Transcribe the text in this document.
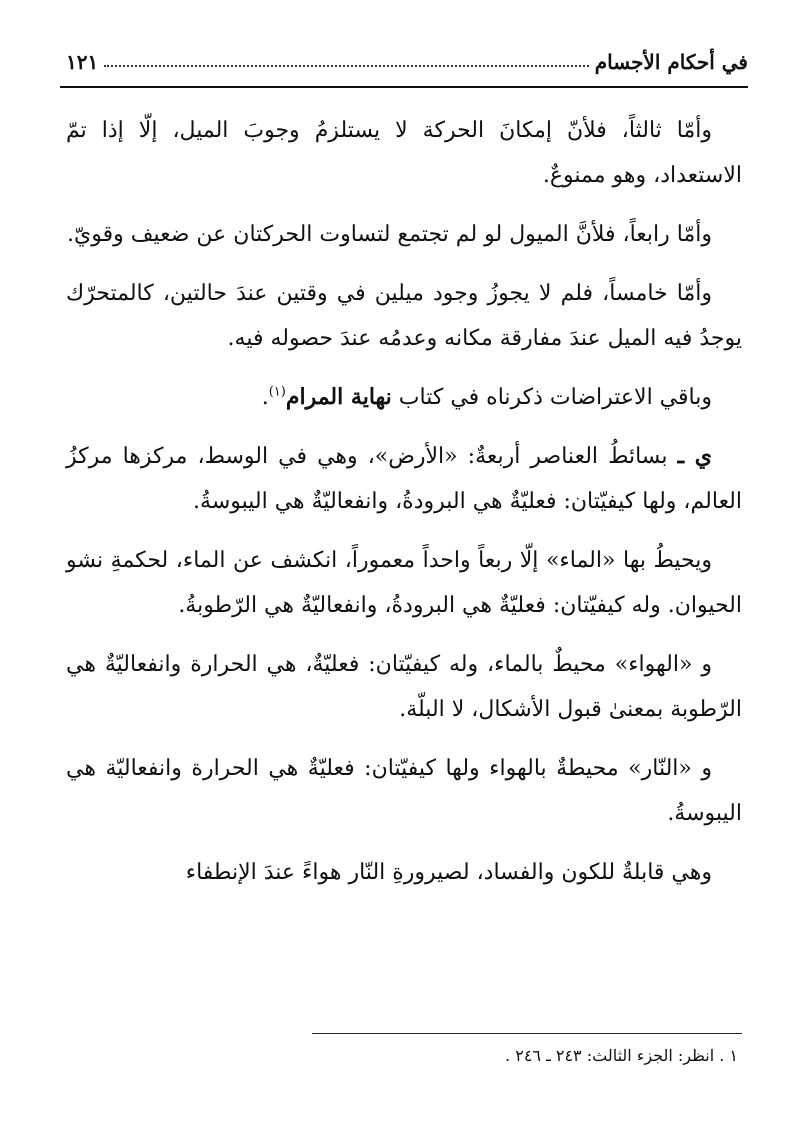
في أحكام الأجسام
١٢١

وأمّا ثالثاً، فلأنّ إمكانَ الحركة لا يستلزمُ وجوبَ الميل، إلّا إذا تمّ الاستعداد، وهو ممنوعٌ.

وأمّا رابعاً، فلأنَّ الميول لو لم تجتمع لتساوت الحركتان عن ضعيف وقويّ.

وأمّا خامساً، فلم لا يجوزُ وجود ميلين في وقتين عندَ حالتين، كالمتحرّك يوجدُ فيه الميل عندَ مفارقة مكانه وعدمُه عندَ حصوله فيه.

وباقي الاعتراضات ذكرناه في كتاب نهاية المرام$^{(١)}$.

ي ـ بسائطُ العناصر أربعةٌ: «الأرض»، وهي في الوسط، مركزها مركزُ العالم، ولها كيفيّتان: فعليّةٌ هي البرودةُ، وانفعاليّةٌ هي اليبوسةُ.

ويحيطُ بها «الماء» إلّا ربعاً واحداً معموراً، انكشف عن الماء، لحكمةِ نشو الحيوان. وله كيفيّتان: فعليّةٌ هي البرودةُ، وانفعاليّةٌ هي الرّطوبةُ.

و «الهواء» محيطٌ بالماء، وله كيفيّتان: فعليّةٌ، هي الحرارة وانفعاليّةٌ هي الرّطوبة بمعنىٰ قبول الأشكال، لا البلّة.

و «النّار» محيطةٌ بالهواء ولها كيفيّتان: فعليّةٌ هي الحرارة وانفعاليّة هي اليبوسةُ.

وهي قابلةٌ للكون والفساد، لصيرورةِ النّار هواءً عندَ الإنطفاء

١ . انظر: الجزء الثالث: ٢٤٣ ـ ٢٤٦ .
